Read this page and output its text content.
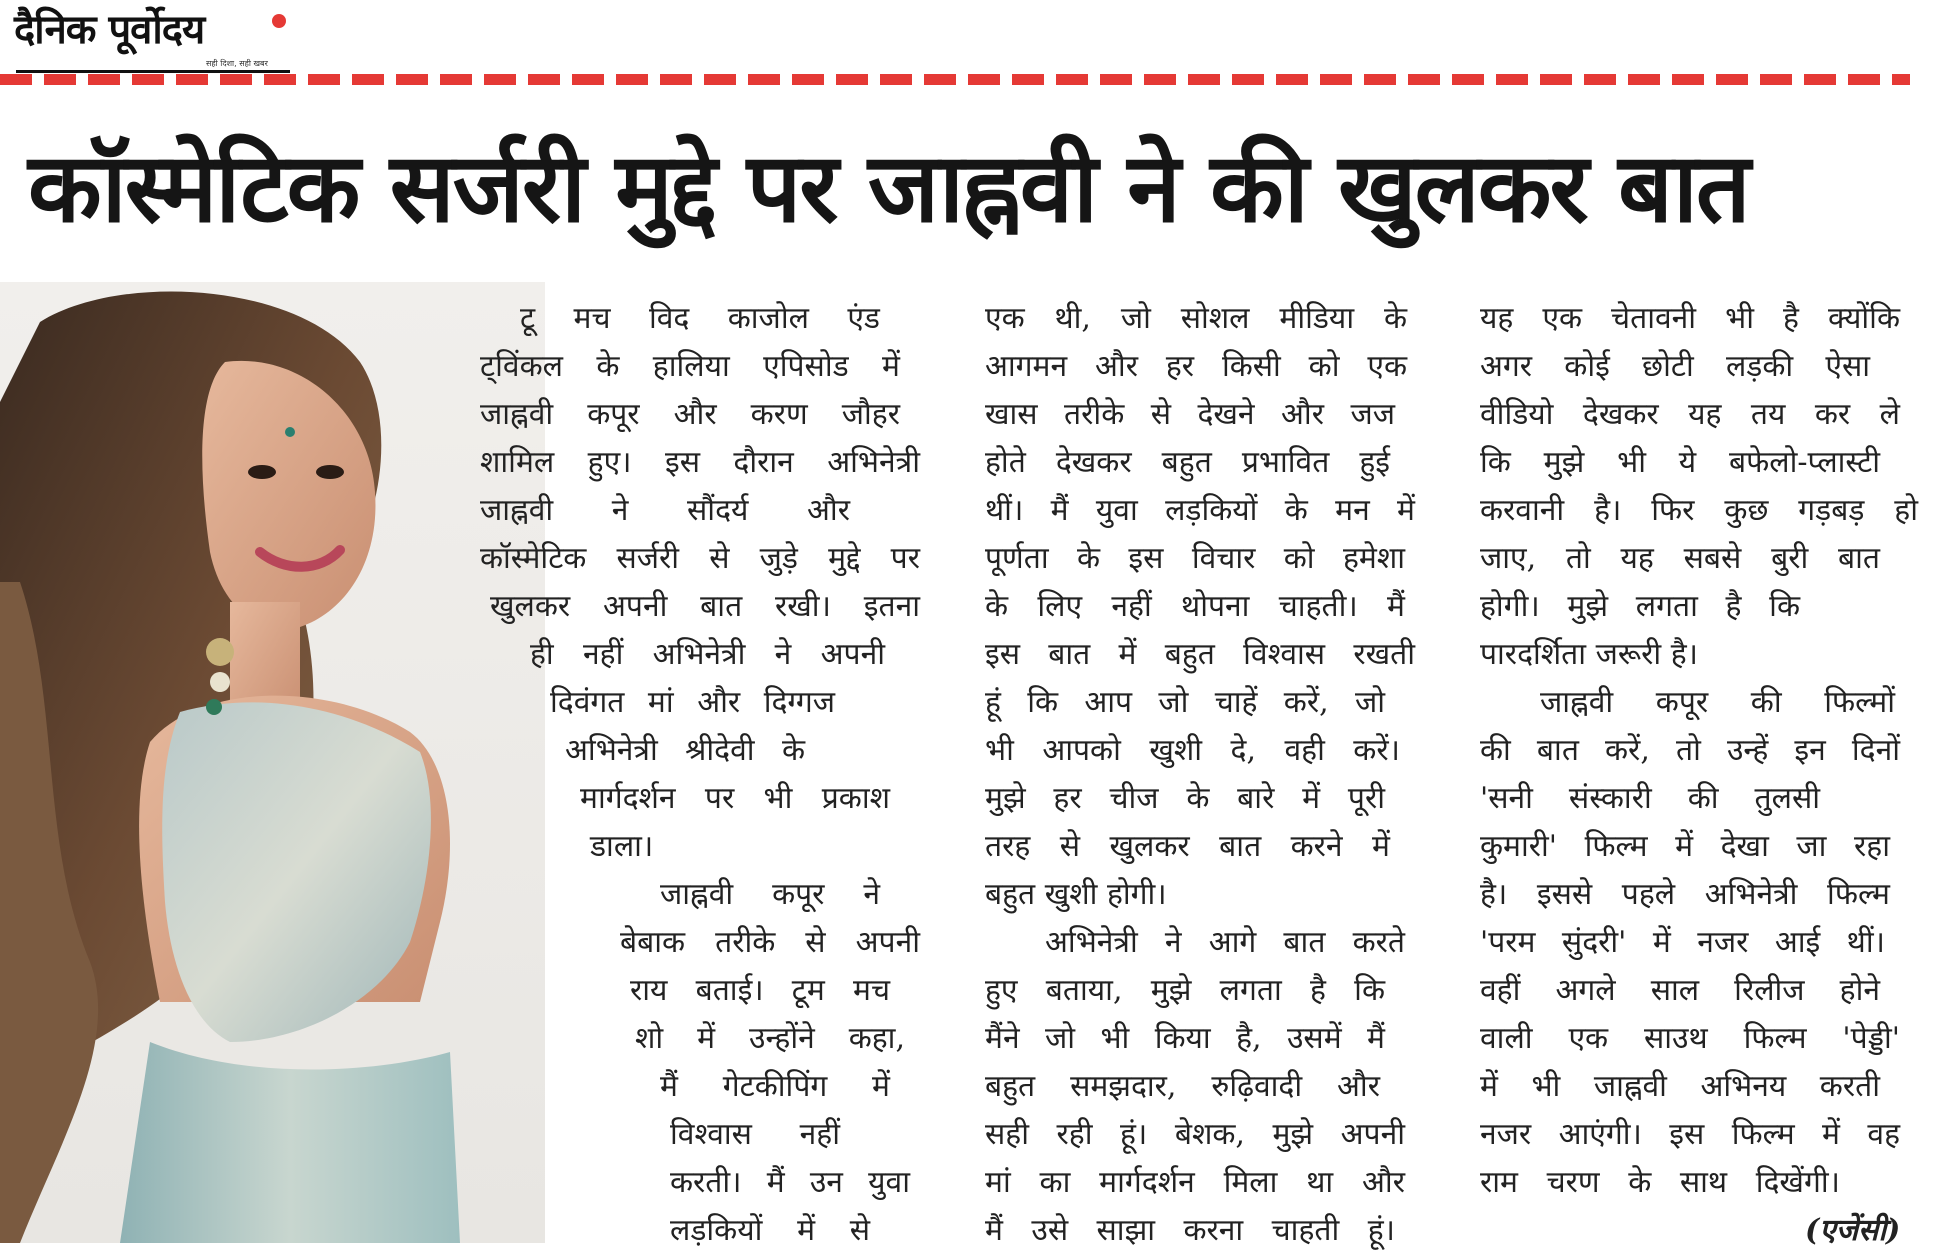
दैनिक पूर्वोदय
सही दिशा, सही खबर
कॉस्मेटिक सर्जरी मुद्दे पर जाह्नवी ने की खुलकर बात

टू मच विद काजोल एंड
ट्विंकल के हालिया एपिसोड में
जाह्नवी कपूर और करण जौहर
शामिल हुए। इस दौरान अभिनेत्री
जाह्नवी ने सौंदर्य और
कॉस्मेटिक सर्जरी से जुड़े मुद्दे पर
खुलकर अपनी बात रखी। इतना
ही नहीं अभिनेत्री ने अपनी
दिवंगत मां और दिग्गज
अभिनेत्री श्रीदेवी के
मार्गदर्शन पर भी प्रकाश
डाला।
जाह्नवी कपूर ने
बेबाक तरीके से अपनी
राय बताई। टूम मच
शो में उन्होंने कहा,
मैं गेटकीपिंग में
विश्वास नहीं
करती। मैं उन युवा
लड़कियों में से

एक थी, जो सोशल मीडिया के
आगमन और हर किसी को एक
खास तरीके से देखने और जज
होते देखकर बहुत प्रभावित हुई
थीं। मैं युवा लड़कियों के मन में
पूर्णता के इस विचार को हमेशा
के लिए नहीं थोपना चाहती। मैं
इस बात में बहुत विश्वास रखती
हूं कि आप जो चाहें करें, जो
भी आपको खुशी दे, वही करें।
मुझे हर चीज के बारे में पूरी
तरह से खुलकर बात करने में
बहुत खुशी होगी।
अभिनेत्री ने आगे बात करते
हुए बताया, मुझे लगता है कि
मैंने जो भी किया है, उसमें मैं
बहुत समझदार, रुढ़िवादी और
सही रही हूं। बेशक, मुझे अपनी
मां का मार्गदर्शन मिला था और
मैं उसे साझा करना चाहती हूं।

यह एक चेतावनी भी है क्योंकि
अगर कोई छोटी लड़की ऐसा
वीडियो देखकर यह तय कर ले
कि मुझे भी ये बफेलो-प्लास्टी
करवानी है। फिर कुछ गड़बड़ हो
जाए, तो यह सबसे बुरी बात
होगी। मुझे लगता है कि
पारदर्शिता जरूरी है।
जाह्नवी कपूर की फिल्मों
की बात करें, तो उन्हें इन दिनों
'सनी संस्कारी की तुलसी
कुमारी' फिल्म में देखा जा रहा
है। इससे पहले अभिनेत्री फिल्म
'परम सुंदरी' में नजर आई थीं।
वहीं अगले साल रिलीज होने
वाली एक साउथ फिल्म 'पेड्डी'
में भी जाह्नवी अभिनय करती
नजर आएंगी। इस फिल्म में वह
राम चरण के साथ दिखेंगी।

(एजेंसी)
